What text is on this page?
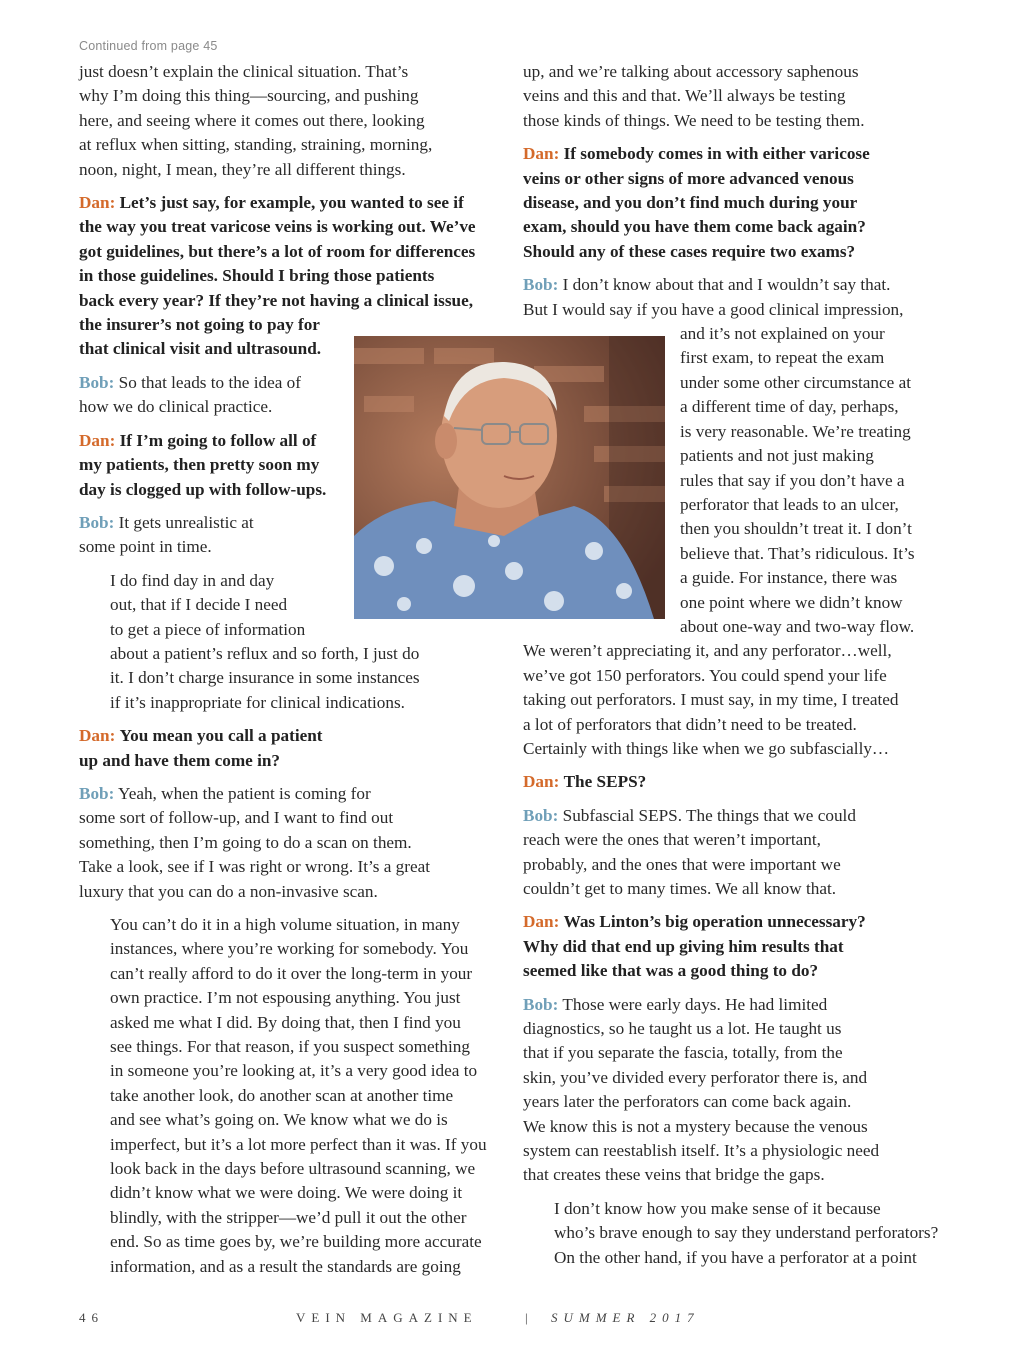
Continued from page 45

just doesn’t explain the clinical situation. That’s
why I’m doing this thing—sourcing, and pushing
here, and seeing where it comes out there, looking
at reflux when sitting, standing, straining, morning,
noon, night, I mean, they’re all different things.

Dan: Let’s just say, for example, you wanted to see if
the way you treat varicose veins is working out. We’ve
got guidelines, but there’s a lot of room for differences
in those guidelines. Should I bring those patients
back every year? If they’re not having a clinical issue,
the insurer’s not going to pay for
that clinical visit and ultrasound.

Bob: So that leads to the idea of
how we do clinical practice.

Dan: If I’m going to follow all of
my patients, then pretty soon my
day is clogged up with follow-ups.

Bob: It gets unrealistic at
some point in time.

I do find day in and day
out, that if I decide I need
to get a piece of information
about a patient’s reflux and so forth, I just do
it. I don’t charge insurance in some instances
if it’s inappropriate for clinical indications.

Dan: You mean you call a patient
up and have them come in?

Bob: Yeah, when the patient is coming for
some sort of follow-up, and I want to find out
something, then I’m going to do a scan on them.
Take a look, see if I was right or wrong. It’s a great
luxury that you can do a non-invasive scan.

You can’t do it in a high volume situation, in many
instances, where you’re working for somebody. You
can’t really afford to do it over the long-term in your
own practice. I’m not espousing anything. You just
asked me what I did. By doing that, then I find you
see things. For that reason, if you suspect something
in someone you’re looking at, it’s a very good idea to
take another look, do another scan at another time
and see what’s going on. We know what we do is
imperfect, but it’s a lot more perfect than it was. If you
look back in the days before ultrasound scanning, we
didn’t know what we were doing. We were doing it
blindly, with the stripper—we’d pull it out the other
end. So as time goes by, we’re building more accurate
information, and as a result the standards are going

up, and we’re talking about accessory saphenous
veins and this and that. We’ll always be testing
those kinds of things. We need to be testing them.

Dan: If somebody comes in with either varicose
veins or other signs of more advanced venous
disease, and you don’t find much during your
exam, should you have them come back again?
Should any of these cases require two exams?

Bob: I don’t know about that and I wouldn’t say that.
But I would say if you have a good clinical impression,
and it’s not explained on your
first exam, to repeat the exam
under some other circumstance at
a different time of day, perhaps,
is very reasonable. We’re treating
patients and not just making
rules that say if you don’t have a
perforator that leads to an ulcer,
then you shouldn’t treat it. I don’t
believe that. That’s ridiculous. It’s
a guide. For instance, there was
one point where we didn’t know
about one-way and two-way flow.
We weren’t appreciating it, and any perforator…well,
we’ve got 150 perforators. You could spend your life
taking out perforators. I must say, in my time, I treated
a lot of perforators that didn’t need to be treated.
Certainly with things like when we go subfascially…

Dan: The SEPS?

Bob: Subfascial SEPS. The things that we could
reach were the ones that weren’t important,
probably, and the ones that were important we
couldn’t get to many times. We all know that.

Dan: Was Linton’s big operation unnecessary?
Why did that end up giving him results that
seemed like that was a good thing to do?

Bob: Those were early days. He had limited
diagnostics, so he taught us a lot. He taught us
that if you separate the fascia, totally, from the
skin, you’ve divided every perforator there is, and
years later the perforators can come back again.
We know this is not a mystery because the venous
system can reestablish itself. It’s a physiologic need
that creates these veins that bridge the gaps.

I don’t know how you make sense of it because
who’s brave enough to say they understand perforators?
On the other hand, if you have a perforator at a point

46	VEIN MAGAZINE	| SUMMER 2017
